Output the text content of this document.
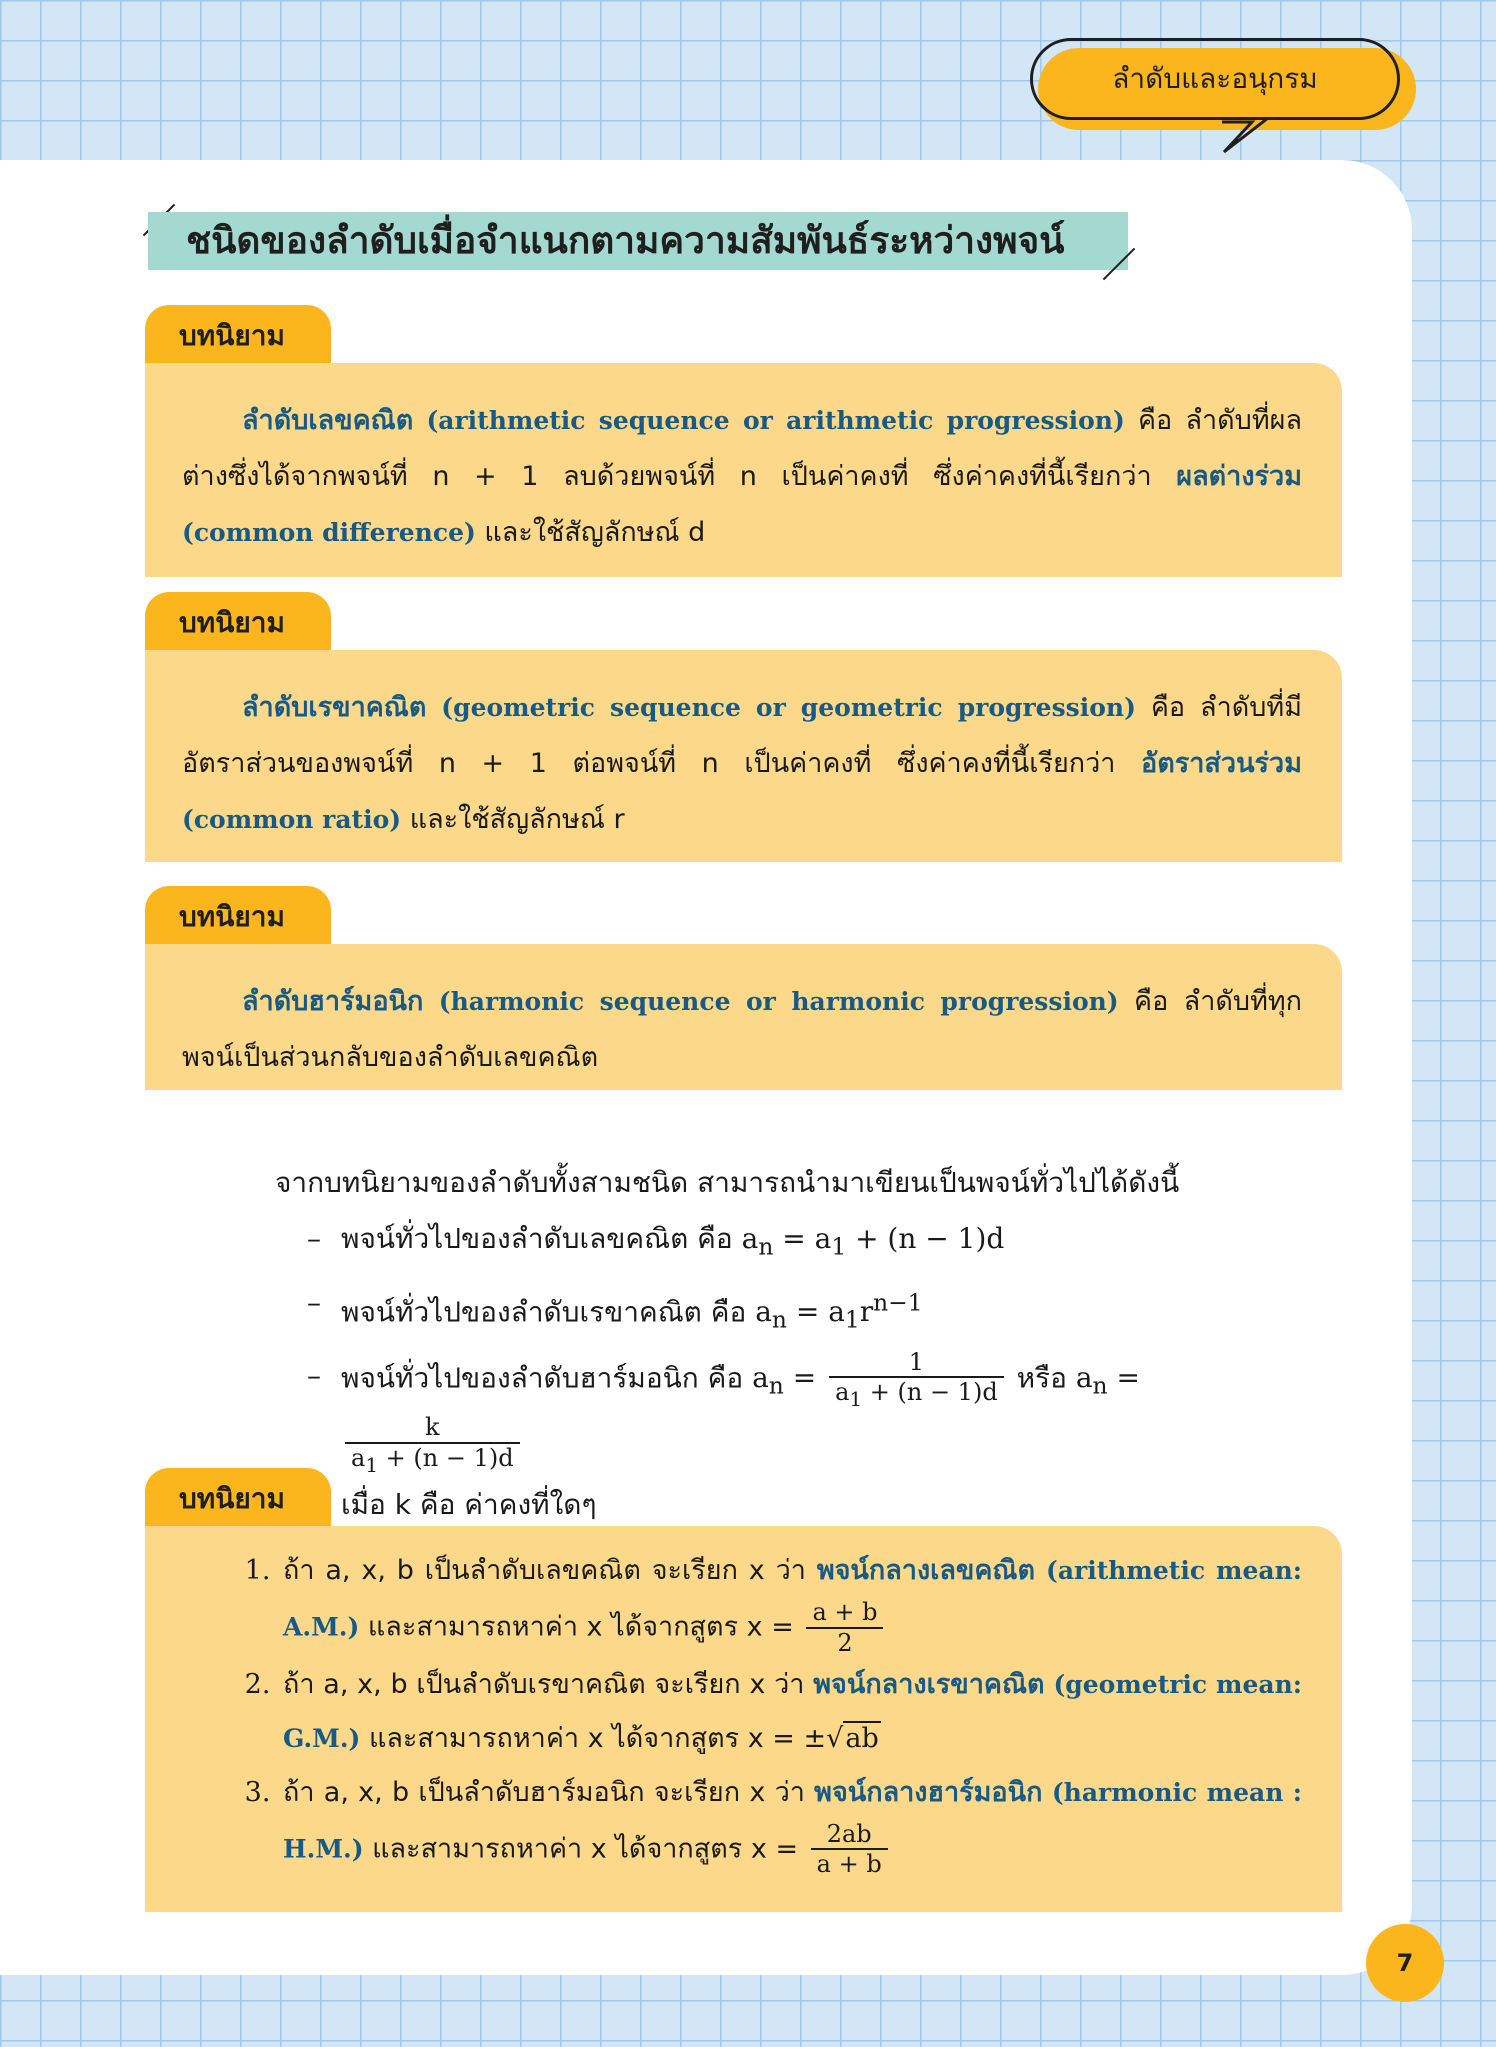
ลำดับและอนุกรม
ชนิดของลำดับเมื่อจำแนกตามความสัมพันธ์ระหว่างพจน์
บทนิยาม
ลำดับเลขคณิต (arithmetic sequence or arithmetic progression) คือ ลำดับที่ผลต่างซึ่งได้จากพจน์ที่ n + 1 ลบด้วยพจน์ที่ n เป็นค่าคงที่ ซึ่งค่าคงที่นี้เรียกว่า ผลต่างร่วม (common difference) และใช้สัญลักษณ์ d
บทนิยาม
ลำดับเรขาคณิต (geometric sequence or geometric progression) คือ ลำดับที่มีอัตราส่วนของพจน์ที่ n + 1 ต่อพจน์ที่ n เป็นค่าคงที่ ซึ่งค่าคงที่นี้เรียกว่า อัตราส่วนร่วม (common ratio) และใช้สัญลักษณ์ r
บทนิยาม
ลำดับฮาร์มอนิก (harmonic sequence or harmonic progression) คือ ลำดับที่ทุกพจน์เป็นส่วนกลับของลำดับเลขคณิต
จากบทนิยามของลำดับทั้งสามชนิด สามารถนำมาเขียนเป็นพจน์ทั่วไปได้ดังนี้
– พจน์ทั่วไปของลำดับเลขคณิต คือ $a_n = a_1 + (n - 1)d$
– พจน์ทั่วไปของลำดับเรขาคณิต คือ $a_n = a_1r^{n-1}$
– พจน์ทั่วไปของลำดับฮาร์มอนิก คือ $a_n = \frac{1}{a_1 + (n - 1)d}$ หรือ $a_n$ =
$\frac{k}{a_1 + (n - 1)d}$

เมื่อ k คือ ค่าคงที่ใดๆ
บทนิยาม
1. ถ้า a, x, b เป็นลำดับเลขคณิต จะเรียก x ว่า พจน์กลางเลขคณิต (arithmetic mean: A.M.) และสามารถหาค่า x ได้จากสูตร $x = \frac{a + b}{2}$
2. ถ้า a, x, b เป็นลำดับเรขาคณิต จะเรียก x ว่า พจน์กลางเรขาคณิต (geometric mean: G.M.) และสามารถหาค่า x ได้จากสูตร x = ±√ab
3. ถ้า a, x, b เป็นลำดับฮาร์มอนิก จะเรียก x ว่า พจน์กลางฮาร์มอนิก (harmonic mean : H.M.) และสามารถหาค่า x ได้จากสูตร $x = \frac{2ab}{a + b}$
7
